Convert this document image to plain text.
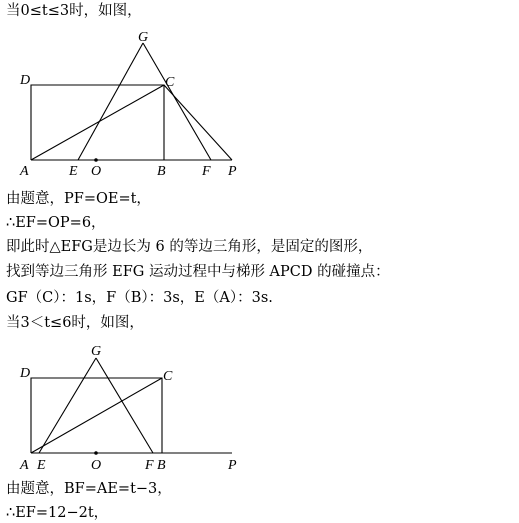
当0≤t≤3时，如图，
G
D	C
A	E O	B	F P
由题意，PF=OE=t，
∴EF=OP=6，
即此时△EFG是边长为 6 的等边三角形，是固定的图形，
找到等边三角形 EFG 运动过程中与梯形 APCD 的碰撞点：
GF（C）：1s，F（B）：3s，E（A）：3s.
当3＜t≤6时，如图，
G
D	C
A E	O	F B	P
由题意，BF=AE=t−3，
∴EF=12−2t，
